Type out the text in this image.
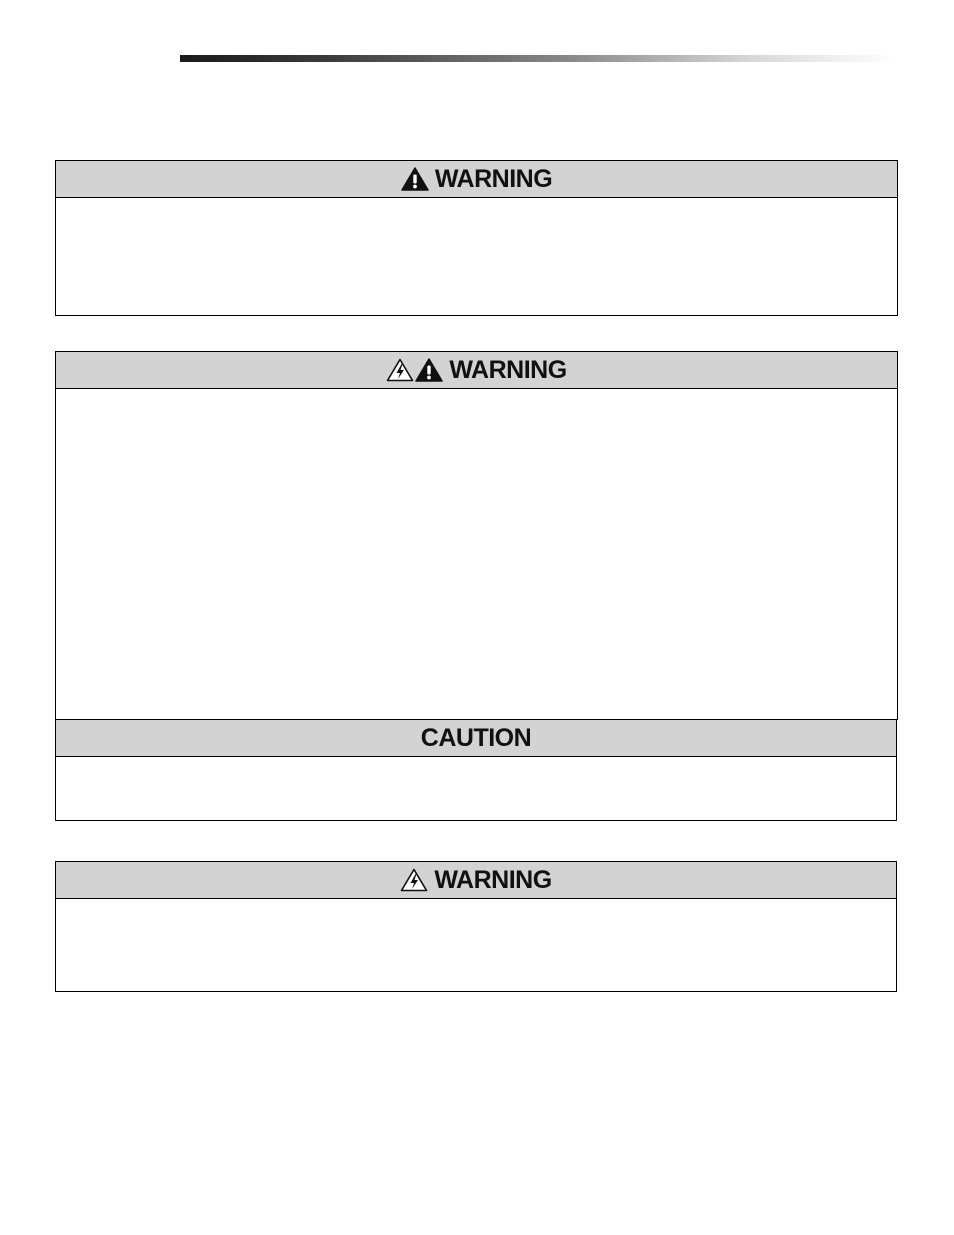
WARNING
WARNING
CAUTION
WARNING
